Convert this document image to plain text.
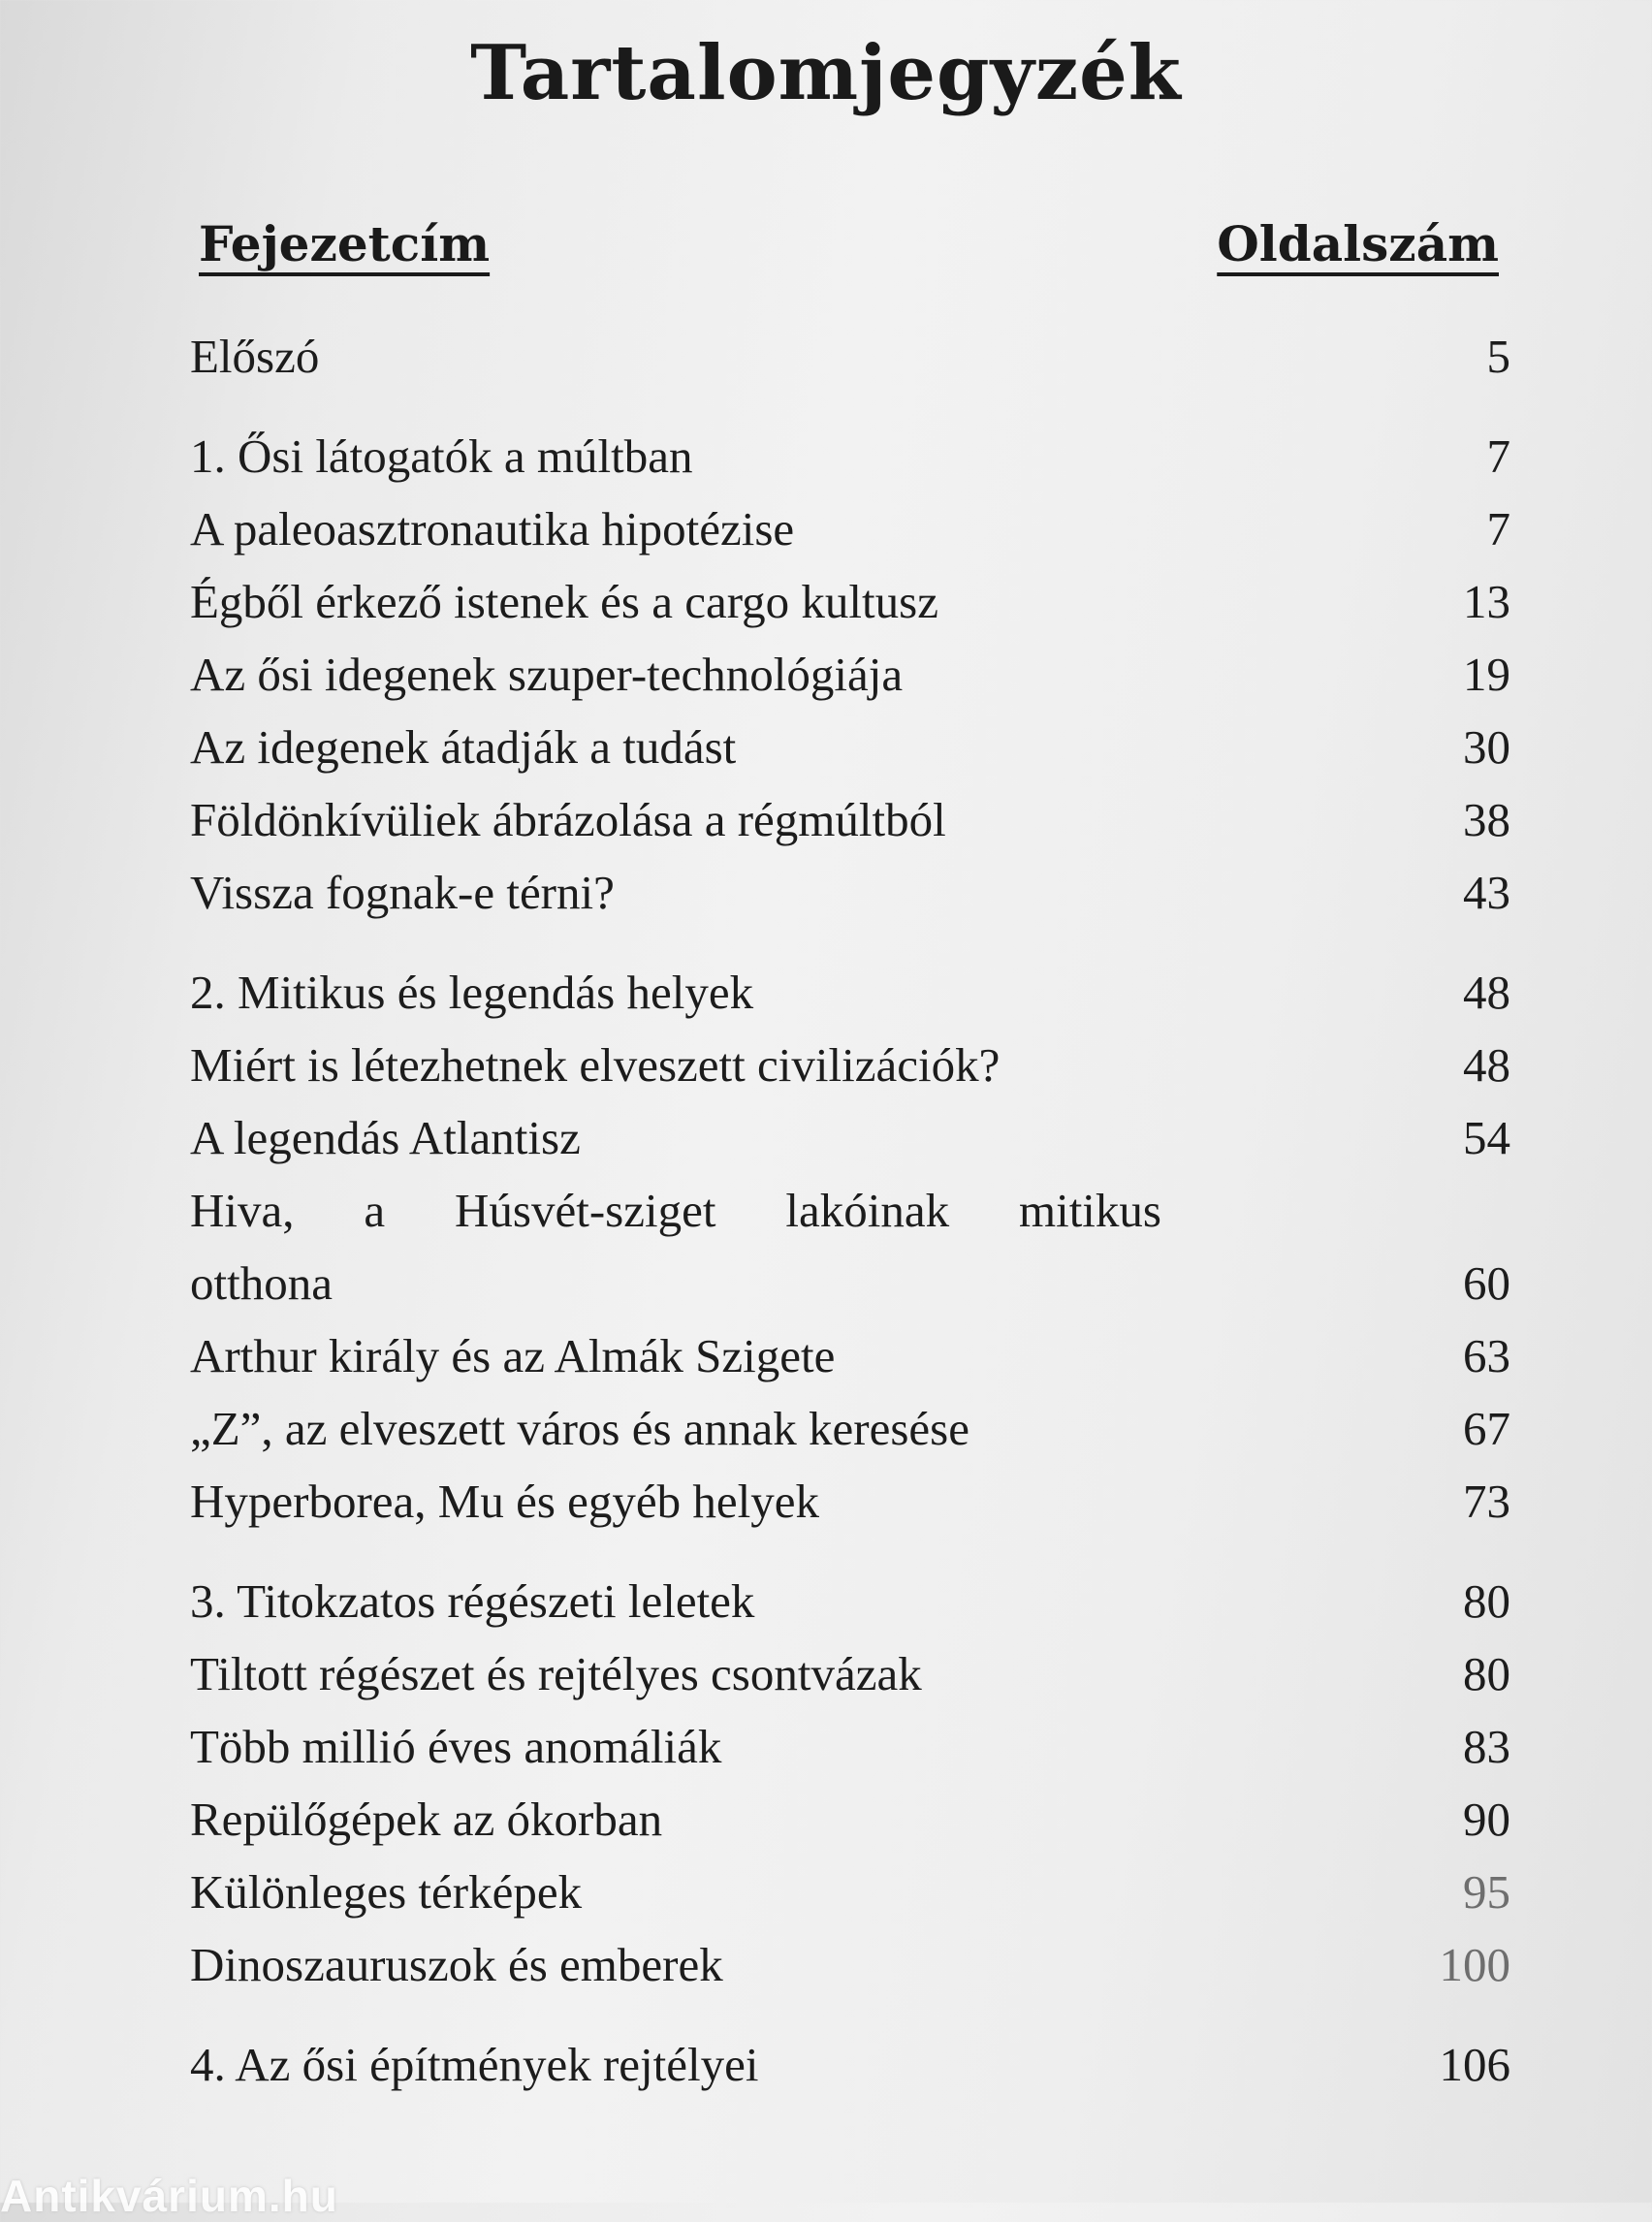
Tartalomjegyzék
Fejezetcím	Oldalszám
Előszó	5
1. Ősi látogatók a múltban	7
A paleoasztronautika hipotézise	7
Égből érkező istenek és a cargo kultusz	13
Az ősi idegenek szuper-technológiája	19
Az idegenek átadják a tudást	30
Földönkívüliek ábrázolása a régmúltból	38
Vissza fognak-e térni?	43
2. Mitikus és legendás helyek	48
Miért is létezhetnek elveszett civilizációk?	48
A legendás Atlantisz	54
Hiva, a Húsvét-sziget lakóinak mitikus
otthona	60
Arthur király és az Almák Szigete	63
„Z”, az elveszett város és annak keresése	67
Hyperborea, Mu és egyéb helyek	73
3. Titokzatos régészeti leletek	80
Tiltott régészet és rejtélyes csontvázak	80
Több millió éves anomáliák	83
Repülőgépek az ókorban	90
Különleges térképek	95
Dinoszauruszok és emberek	100
4. Az ősi építmények rejtélyei	106
Antikvárium.hu
